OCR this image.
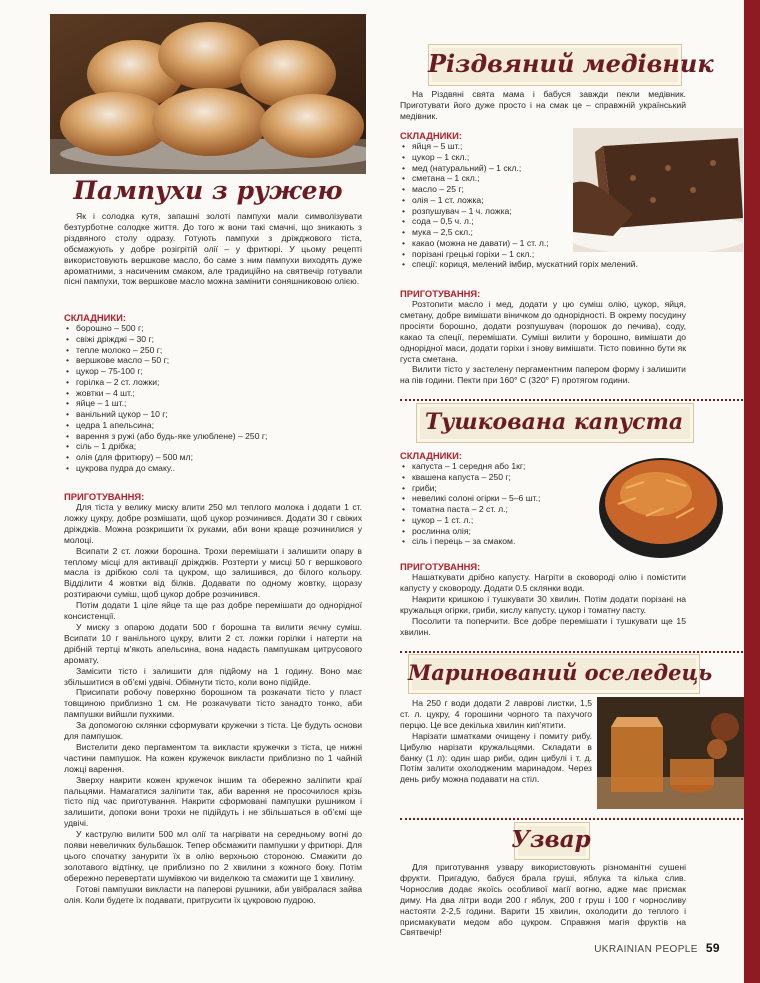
Пампухи з ружею

Як і солодка кутя, запашні золоті пампухи мали символізувати безтурботне солодке життя. До того ж вони такі смачні, що зникають з різдвяного столу одразу. Готують пампухи з дріжджового тіста, обсмажують у добре розігрітій олії – у фритюрі. У цьому рецепті використовують вершкове масло, бо саме з ним пампухи виходять дуже ароматними, з насиченим смаком, але традиційно на святвечір готували пісні пампухи, тож вершкове масло можна замінити соняшниковою олією.

СКЛАДНИКИ:
• борошно – 500 г;
• свіжі дріжджі – 30 г;
• тепле молоко – 250 г;
• вершкове масло – 50 г;
• цукор – 75-100 г;
• горілка – 2 ст. ложки;
• жовтки – 4 шт.;
• яйце – 1 шт.;
• ванільний цукор – 10 г;
• цедра 1 апельсина;
• варення з ружі (або будь-яке улюблене) – 250 г;
• сіль – 1 дрібка;
• олія (для фритюру) – 500 мл;
• цукрова пудра до смаку..
ПРИГОТУВАННЯ:

Для тіста у велику миску влити 250 мл теплого молока і додати 1 ст. ложку цукру, добре розмішати, щоб цукор розчинився. Додати 30 г свіжих дріжджів. Можна розкришити їх руками, аби вони краще розчинилися у молоці.

Всипати 2 ст. ложки борошна. Трохи перемішати і залишити опару в теплому місці для активації дріжджів. Розтерти у мисці 50 г вершкового масла із дрібкою солі та цукром, що залишився, до білого кольору. Відділити 4 жовтки від білків. Додавати по одному жовтку, щоразу розтираючи суміш, щоб цукор добре розчинився.

Потім додати 1 ціле яйце та ще раз добре перемішати до однорідної консистенції.

У миску з опарою додати 500 г борошна та вилити яєчну суміш. Всипати 10 г ванільного цукру, влити 2 ст. ложки горілки і натерти на дрібній тертці м'якоть апельсина, вона надасть пампушкам цитрусового аромату.

Замісити тісто і залишити для підйому на 1 годину. Воно має збільшитися в об'ємі удвічі. Обімнути тісто, коли воно підійде.

Присипати робочу поверхню борошном та розкачати тісто у пласт товщиною приблизно 1 см. Не розкачувати тісто занадто тонко, аби пампушки вийшли пухкими.

За допомогою склянки сформувати кружечки з тіста. Це будуть основи для пампушок.

Вистелити деко пергаментом та викласти кружечки з тіста, це нижні частини пампушок. На кожен кружечок викласти приблизно по 1 чайній ложці варення.

Зверху накрити кожен кружечок іншим та обережно заліпити краї пальцями. Намагатися заліпити так, аби варення не просочилося крізь тісто під час приготування. Накрити сформовані пампушки рушником і залишити, допоки вони трохи не підійдуть і не збільшаться в об'ємі ще удвічі.

У каструлю вилити 500 мл олії та нагрівати на середньому вогні до появи невеличких бульбашок. Тепер обсмажити пампушки у фритюрі. Для цього спочатку занурити їх в олію верхньою стороною. Смажити до золотавого відтінку, це приблизно по 2 хвилини з кожного боку. Потім обережно перевертати шумівкою чи виделкою та смажити ще 1 хвилину.

Готові пампушки викласти на паперові рушники, аби увібралася зайва олія. Коли будете їх подавати, притрусити їх цукровою пудрою.

Різдвяний медівник

На Різдвяні свята мама і бабуся завжди пекли медівник. Приготувати його дуже просто і на смак це – справжній український медівник.

СКЛАДНИКИ:
• яйця – 5 шт.;
• цукор – 1 скл.;
• мед (натуральний) – 1 скл.;
• сметана – 1 скл.;
• масло – 25 г;
• олія – 1 ст. ложка;
• розпушувач – 1 ч. ложка;
• сода – 0,5 ч. л.;
• мука – 2,5 скл.;
• какао (можна не давати) – 1 ст. л.;
• порізані грецькі горіхи – 1 скл.;
• спеції: кориця, мелений імбир, мускатний горіх мелений.
ПРИГОТУВАННЯ:

Розтопити масло і мед, додати у цю суміш олію, цукор, яйця, сметану, добре вимішати віничком до однорідності. В окрему посудину просіяти борошно, додати розпушувач (порошок до печива), соду, какао та спеції, перемішати. Суміші вилити у борошно, вимішати до однорідної маси, додати горіхи і знову вимішати. Тісто повинно бути як густа сметана.

Вилити тісто у застелену пергаментним папером форму і залишити на пів години. Пекти при 160° С (320° F) протягом години.

Тушкована капуста
СКЛАДНИКИ:
• капуста – 1 середня або 1кг;
• квашена капуста – 250 г;
• гриби;
• невеликі солоні огірки – 5–6 шт.;
• томатна паста – 2 ст. л.;
• цукор – 1 ст. л.;
• рослинна олія;
• сіль і перець – за смаком.
ПРИГОТУВАННЯ:

Нашаткувати дрібно капусту. Нагріти в сковороді олію і помістити капусту у сковороду. Додати 0.5 склянки води.

Накрити кришкою і тушкувати 30 хвилин. Потім додати порізані на кружальця огірки, гриби, кислу капусту, цукор і томатну пасту.

Посолити та поперчити. Все добре перемішати і тушкувати ще 15 хвилин.

Маринований оселедець

На 250 г води додати 2 лаврові листки, 1,5 ст. л. цукру, 4 горошини чорного та пахучого перцю. Це все декілька хвилин кип'ятити.

Нарізати шматками очищену і помиту рибу. Цибулю нарізати кружальцями. Складати в банку (1 л): один шар риби, один цибулі і т. д. Потім залити охолодженим маринадом. Через день рибу можна подавати на стіл.

Узвар

Для приготування узвару використовують різноманітні сушені фрукти. Пригадую, бабуся брала груші, яблука та кілька слив. Чорнослив додає якоїсь особливої магії вогню, адже має присмак диму. На два літри води 200 г яблук, 200 г груш і 100 г чорносливу настояти 2-2,5 години. Варити 15 хвилин, охолодити до теплого і присмакувати медом або цукром. Справжня магія фруктів на Святвечір!

UKRAINIAN PEOPLE 59
